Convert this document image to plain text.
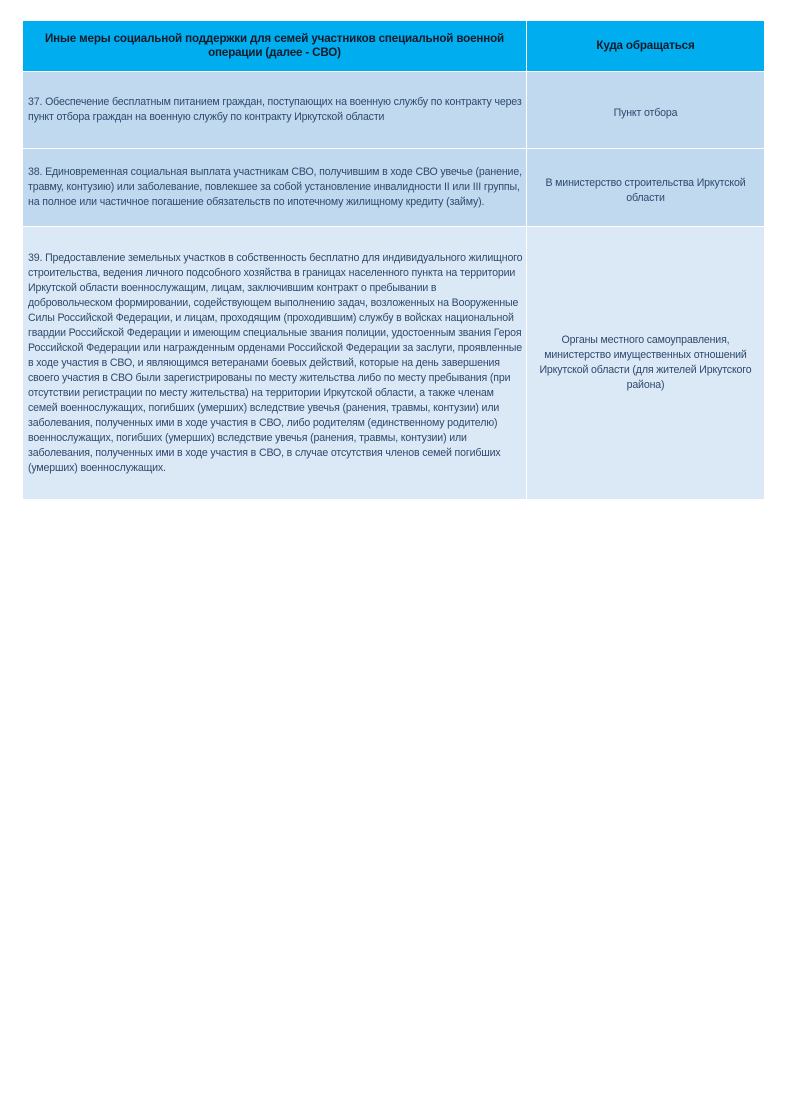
Иные меры социальной поддержки для семей участников специальной военной операции (далее - СВО)	Куда обращаться
37. Обеспечение бесплатным питанием граждан, поступающих на военную службу по контракту через пункт отбора граждан на военную службу по контракту Иркутской области	Пункт отбора
38. Единовременная социальная выплата участникам СВО, получившим в ходе СВО увечье (ранение, травму, контузию) или заболевание, повлекшее за собой установление инвалидности II или III группы, на полное или частичное погашение обязательств по ипотечному жилищному кредиту (займу).	В министерство строительства Иркутской области
39. Предоставление земельных участков в собственность бесплатно для индивидуального жилищного строительства, ведения личного подсобного хозяйства в границах населенного пункта на территории Иркутской области военнослужащим, лицам, заключившим контракт о пребывании в добровольческом формировании, содействующем выполнению задач, возложенных на Вооруженные Силы Российской Федерации, и лицам, проходящим (проходившим) службу в войсках национальной гвардии Российской Федерации и имеющим специальные звания полиции, удостоенным звания Героя Российской Федерации или награжденным орденами Российской Федерации за заслуги, проявленные в ходе участия в СВО, и являющимся ветеранами боевых действий, которые на день завершения своего участия в СВО были зарегистрированы по месту жительства либо по месту пребывания (при отсутствии регистрации по месту жительства) на территории Иркутской области, а также членам семей военнослужащих, погибших (умерших) вследствие увечья (ранения, травмы, контузии) или заболевания, полученных ими в ходе участия в СВО, либо родителям (единственному родителю) военнослужащих, погибших (умерших) вследствие увечья (ранения, травмы, контузии) или заболевания, полученных ими в ходе участия в СВО, в случае отсутствия членов семей погибших (умерших) военнослужащих.	Органы местного самоуправления, министерство имущественных отношений Иркутской области (для жителей Иркутского района)
